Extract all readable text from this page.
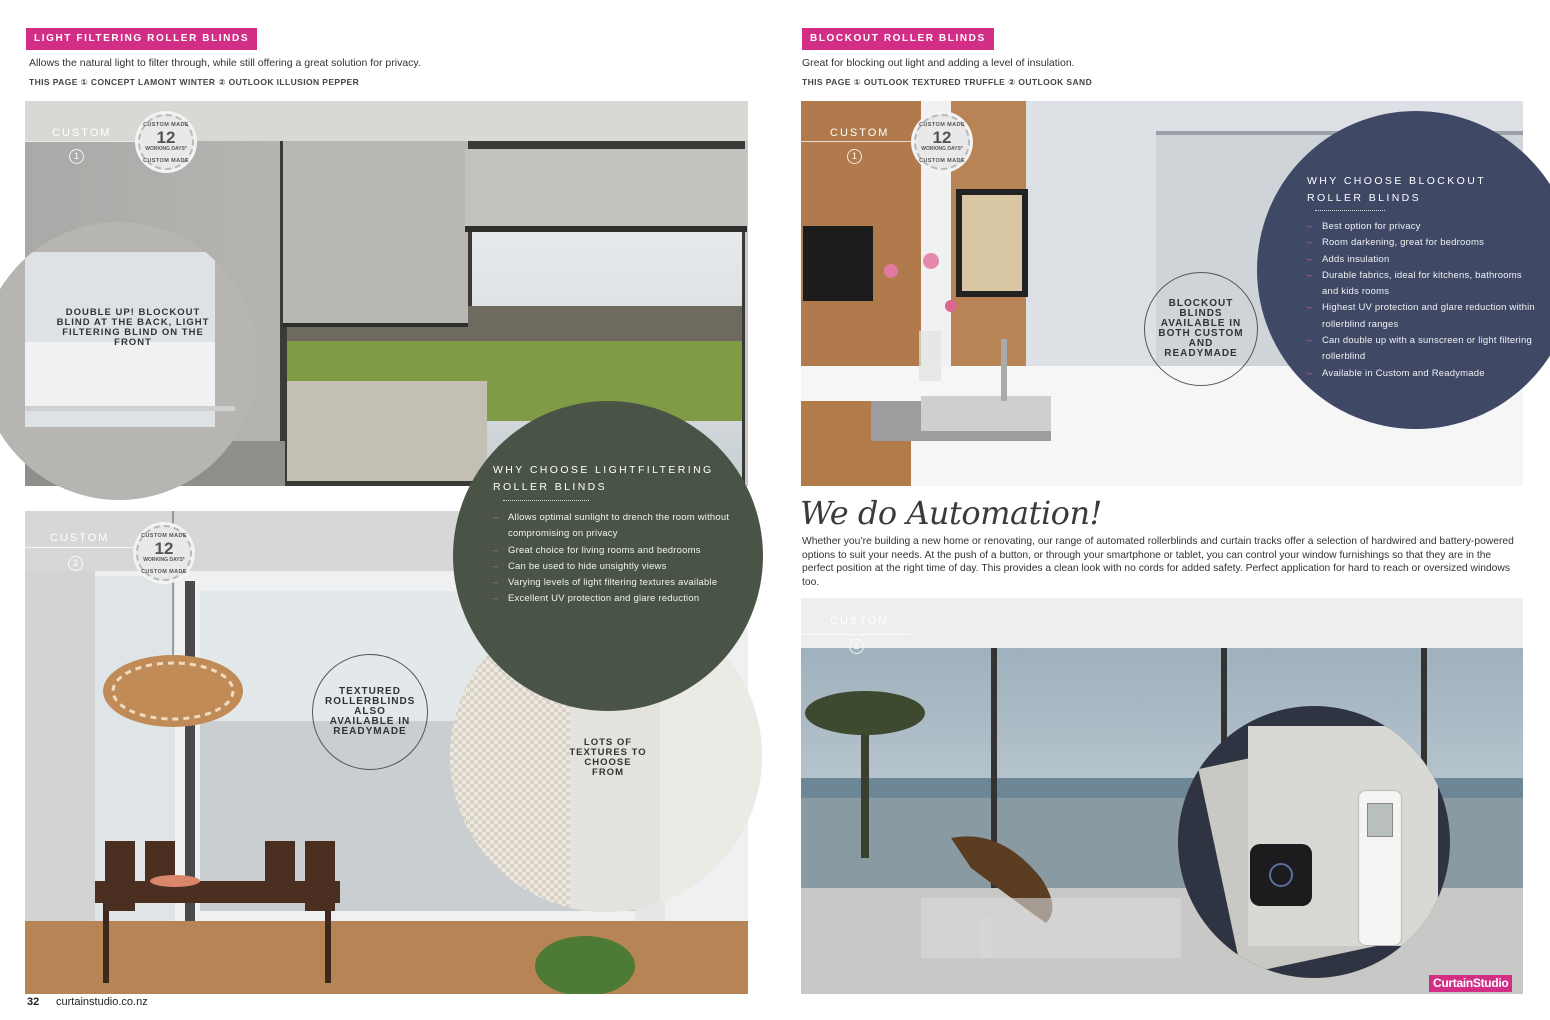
LIGHT FILTERING ROLLER BLINDS
Allows the natural light to filter through, while still offering a great solution for privacy.
THIS PAGE ① CONCEPT LAMONT WINTER ② OUTLOOK ILLUSION PEPPER
CUSTOM
1
CUSTOM MADE
12
WORKING DAYS*
CUSTOM MADE
DOUBLE UP! BLOCKOUT BLIND AT THE BACK, LIGHT FILTERING BLIND ON THE FRONT
CUSTOM
2
CUSTOM MADE
12
WORKING DAYS*
CUSTOM MADE
TEXTURED ROLLERBLINDS ALSO AVAILABLE IN READYMADE
LOTS OF TEXTURES TO CHOOSE FROM
WHY CHOOSE LIGHTFILTERING ROLLER BLINDS
– Allows optimal sunlight to drench the room without compromising on privacy
– Great choice for living rooms and bedrooms
– Can be used to hide unsightly views
– Varying levels of light filtering textures available
– Excellent UV protection and glare reduction
32 curtainstudio.co.nz
BLOCKOUT ROLLER BLINDS
Great for blocking out light and adding a level of insulation.
THIS PAGE ① OUTLOOK TEXTURED TRUFFLE ② OUTLOOK SAND
CUSTOM
1
CUSTOM MADE
12
WORKING DAYS*
CUSTOM MADE
BLOCKOUT BLINDS AVAILABLE IN BOTH CUSTOM AND READYMADE
WHY CHOOSE BLOCKOUT ROLLER BLINDS
– Best option for privacy
– Room darkening, great for bedrooms
– Adds insulation
– Durable fabrics, ideal for kitchens, bathrooms and kids rooms
– Highest UV protection and glare reduction within rollerblind ranges
– Can double up with a sunscreen or light filtering rollerblind
– Available in Custom and Readymade
We do Automation!
Whether you’re building a new home or renovating, our range of automated rollerblinds and curtain tracks offer a selection of hardwired and battery-powered options to suit your needs. At the push of a button, or through your smartphone or tablet, you can control your window furnishings so that they are in the perfect position at the right time of day. This provides a clean look with no cords for added safety. Perfect application for hard to reach or oversized windows too.
CUSTOM
2
CurtainStudio
